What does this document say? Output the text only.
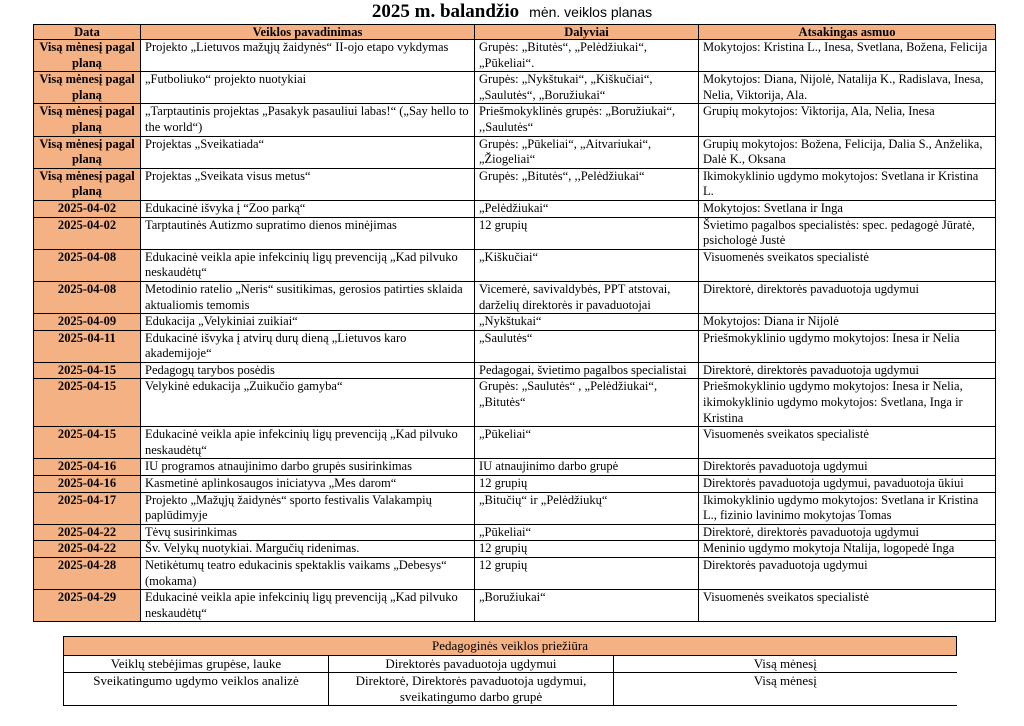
2025 m. balandžio mėn. veiklos planas
Data	Veiklos pavadinimas	Dalyviai	Atsakingas asmuo
Visą mėnesį pagal planą	Projekto „Lietuvos mažųjų žaidynės“ II-ojo etapo vykdymas	Grupės: „Bitutės“, „Pelėdžiukai“, „Pūkeliai“.	Mokytojos: Kristina L., Inesa, Svetlana, Božena, Felicija
Visą mėnesį pagal planą	„Futboliuko“ projekto nuotykiai	Grupės: „Nykštukai“, „Kiškučiai“, „Saulutės“, „Boružiukai“	Mokytojos: Diana, Nijolė, Natalija K., Radislava, Inesa, Nelia, Viktorija, Ala.
Visą mėnesį pagal planą	„Tarptautinis projektas „Pasakyk pasauliui labas!“ („Say hello to the world“)	Priešmokyklinės grupės: „Boružiukai“, ,,Saulutės“	Grupių mokytojos: Viktorija, Ala, Nelia, Inesa
Visą mėnesį pagal planą	Projektas „Sveikatiada“	Grupės: „Pūkeliai“, „Aitvariukai“, „Žiogeliai“	Grupių mokytojos: Božena, Felicija, Dalia S., Anželika, Dalė K., Oksana
Visą mėnesį pagal planą	Projektas „Sveikata visus metus“	Grupės: „Bitutės“, ,,Pelėdžiukai“	Ikimokyklinio ugdymo mokytojos: Svetlana ir Kristina L.
2025-04-02	Edukacinė išvyka į “Zoo parką“	„Pelėdžiukai“	Mokytojos: Svetlana ir Inga
2025-04-02	Tarptautinės Autizmo supratimo dienos minėjimas	12 grupių	Švietimo pagalbos specialistės: spec. pedagogė Jūratė, psichologė Justė
2025-04-08	Edukacinė veikla apie infekcinių ligų prevenciją „Kad pilvuko neskaudėtų“	„Kiškučiai“	Visuomenės sveikatos specialistė
2025-04-08	Metodinio ratelio „Neris“ susitikimas, gerosios patirties sklaida aktualiomis temomis	Vicemerė, savivaldybės, PPT atstovai, darželių direktorės ir pavaduotojai	Direktorė, direktorės pavaduotoja ugdymui
2025-04-09	Edukacija „Velykiniai zuikiai“	„Nykštukai“	Mokytojos: Diana ir Nijolė
2025-04-11	Edukacinė išvyka į atvirų durų dieną „Lietuvos karo akademijoje“	„Saulutės“	Priešmokyklinio ugdymo mokytojos: Inesa ir Nelia
2025-04-15	Pedagogų tarybos posėdis	Pedagogai, švietimo pagalbos specialistai	Direktorė, direktorės pavaduotoja ugdymui
2025-04-15	Velykinė edukacija „Zuikučio gamyba“	Grupės: „Saulutės“ , „Pelėdžiukai“, „Bitutės“	Priešmokyklinio ugdymo mokytojos: Inesa ir Nelia, ikimokyklinio ugdymo mokytojos: Svetlana, Inga ir Kristina
2025-04-15	Edukacinė veikla apie infekcinių ligų prevenciją „Kad pilvuko neskaudėtų“	„Pūkeliai“	Visuomenės sveikatos specialistė
2025-04-16	IU programos atnaujinimo darbo grupės susirinkimas	IU atnaujinimo darbo grupė	Direktorės pavaduotoja ugdymui
2025-04-16	Kasmetinė aplinkosaugos iniciatyva „Mes darom“	12 grupių	Direktorės pavaduotoja ugdymui, pavaduotoja ūkiui
2025-04-17	Projekto „Mažųjų žaidynės“ sporto festivalis Valakampių paplūdimyje	„Bitučių“ ir „Pelėdžiukų“	Ikimokyklinio ugdymo mokytojos: Svetlana ir Kristina L., fizinio lavinimo mokytojas Tomas
2025-04-22	Tėvų susirinkimas	„Pūkeliai“	Direktorė, direktorės pavaduotoja ugdymui
2025-04-22	Šv. Velykų nuotykiai. Margučių ridenimas.	12 grupių	Meninio ugdymo mokytoja Ntalija, logopedė Inga
2025-04-28	Netikėtumų teatro edukacinis spektaklis vaikams „Debesys“ (mokama)	12 grupių	Direktorės pavaduotoja ugdymui
2025-04-29	Edukacinė veikla apie infekcinių ligų prevenciją „Kad pilvuko neskaudėtų“	„Boružiukai“	Visuomenės sveikatos specialistė
Pedagoginės veiklos priežiūra		
Veiklų stebėjimas grupėse, lauke	Direktorės pavaduotoja ugdymui	Visą mėnesį
Sveikatingumo ugdymo veiklos analizė	Direktorė, Direktorės pavaduotoja ugdymui, sveikatingumo darbo grupė	Visą mėnesį
